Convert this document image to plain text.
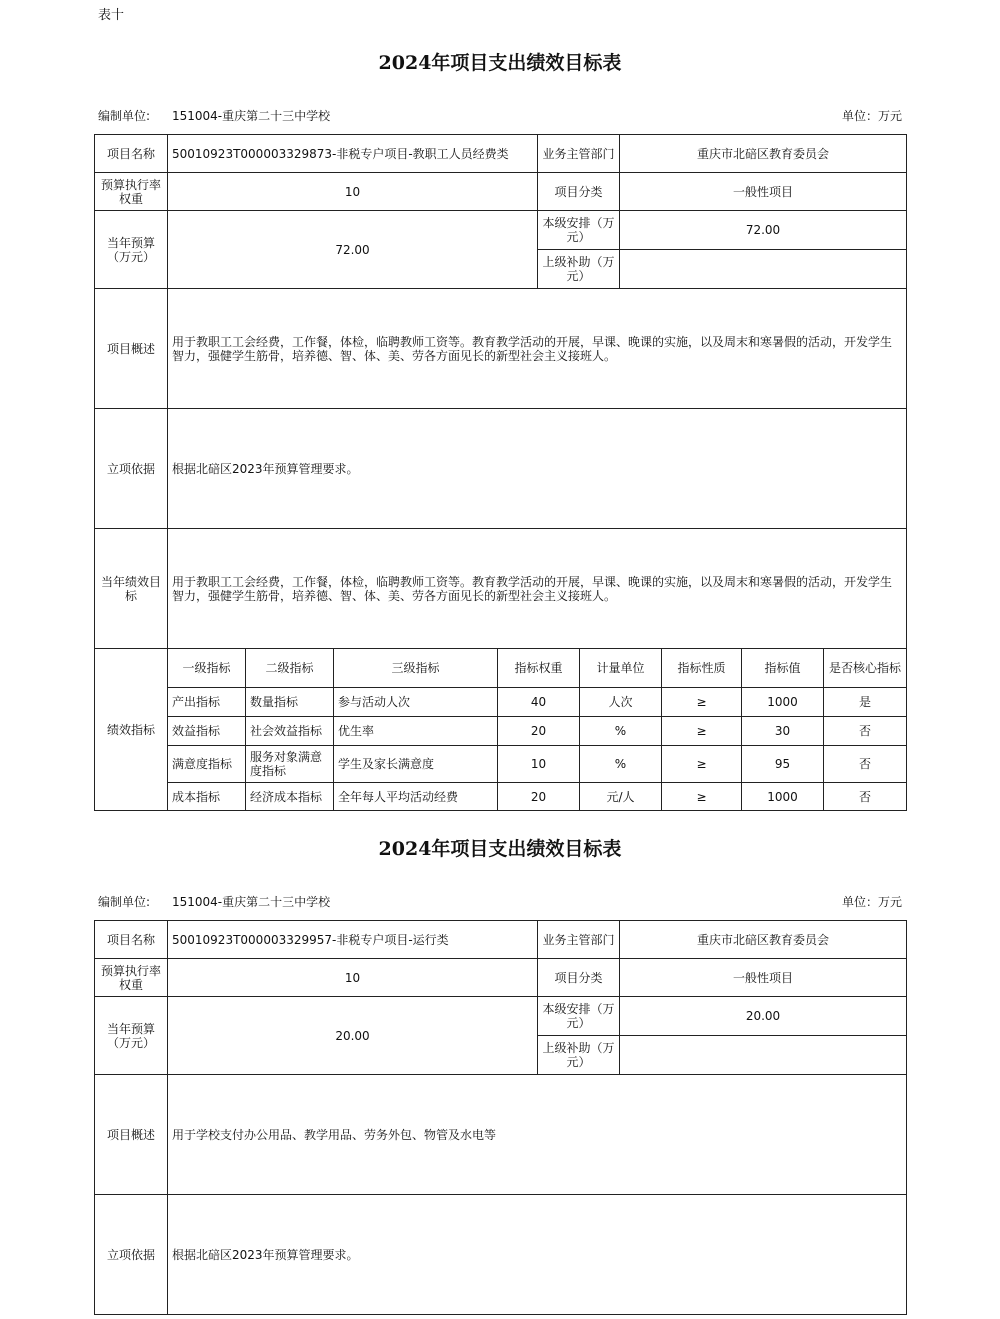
表十
2024年项目支出绩效目标表
编制单位: 151004-重庆第二十三中学校	单位：万元
项目名称	50010923T000003329873-非税专户项目-教职工人员经费类	业务主管部门	重庆市北碚区教育委员会
预算执行率权重	10	项目分类	一般性项目
当年预算（万元）	72.00	本级安排（万元）	72.00
		上级补助（万元）	
项目概述	用于教职工工会经费，工作餐，体检，临聘教师工资等。教育教学活动的开展，早课、晚课的实施，以及周末和寒暑假的活动，开发学生智力，强健学生筋骨，培养德、智、体、美、劳各方面见长的新型社会主义接班人。		
立项依据	根据北碚区2023年预算管理要求。		
当年绩效目标	用于教职工工会经费，工作餐，体检，临聘教师工资等。教育教学活动的开展，早课、晚课的实施，以及周末和寒暑假的活动，开发学生智力，强健学生筋骨，培养德、智、体、美、劳各方面见长的新型社会主义接班人。		
绩效指标	一级指标	二级指标	三级指标	指标权重	计量单位	指标性质	指标值	是否核心指标
	产出指标	数量指标	参与活动人次	40	人次	≥	1000	是
	效益指标	社会效益指标	优生率	20	%	≥	30	否
	满意度指标	服务对象满意度指标	学生及家长满意度	10	%	≥	95	否
	成本指标	经济成本指标	全年每人平均活动经费	20	元/人	≥	1000	否
2024年项目支出绩效目标表
编制单位: 151004-重庆第二十三中学校	单位：万元
项目名称	50010923T000003329957-非税专户项目-运行类	业务主管部门	重庆市北碚区教育委员会
预算执行率权重	10	项目分类	一般性项目
当年预算（万元）	20.00	本级安排（万元）	20.00
		上级补助（万元）	
项目概述	用于学校支付办公用品、教学用品、劳务外包、物管及水电等		
立项依据	根据北碚区2023年预算管理要求。		
